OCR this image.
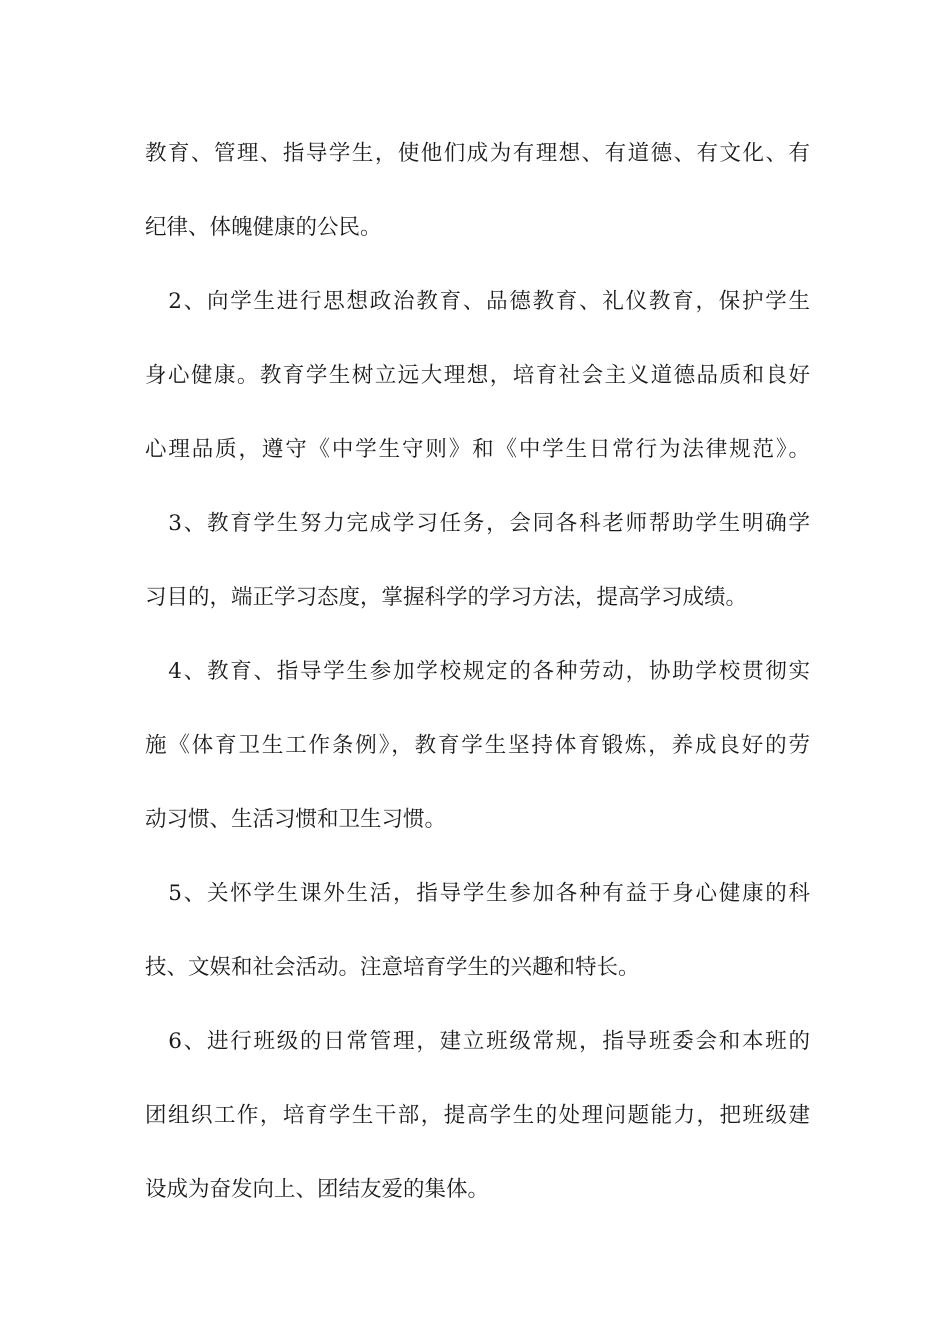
教育、管理、指导学生，使他们成为有理想、有道德、有文化、有

纪律、体魄健康的公民。

　2、向学生进行思想政治教育、品德教育、礼仪教育，保护学生

身心健康。教育学生树立远大理想，培育社会主义道德品质和良好

心理品质，遵守《中学生守则》和《中学生日常行为法律规范》。

　3、教育学生努力完成学习任务，会同各科老师帮助学生明确学

习目的，端正学习态度，掌握科学的学习方法，提高学习成绩。

　4、教育、指导学生参加学校规定的各种劳动，协助学校贯彻实

施《体育卫生工作条例》，教育学生坚持体育锻炼，养成良好的劳

动习惯、生活习惯和卫生习惯。

　5、关怀学生课外生活，指导学生参加各种有益于身心健康的科

技、文娱和社会活动。注意培育学生的兴趣和特长。

　6、进行班级的日常管理，建立班级常规，指导班委会和本班的

团组织工作，培育学生干部，提高学生的处理问题能力，把班级建

设成为奋发向上、团结友爱的集体。
